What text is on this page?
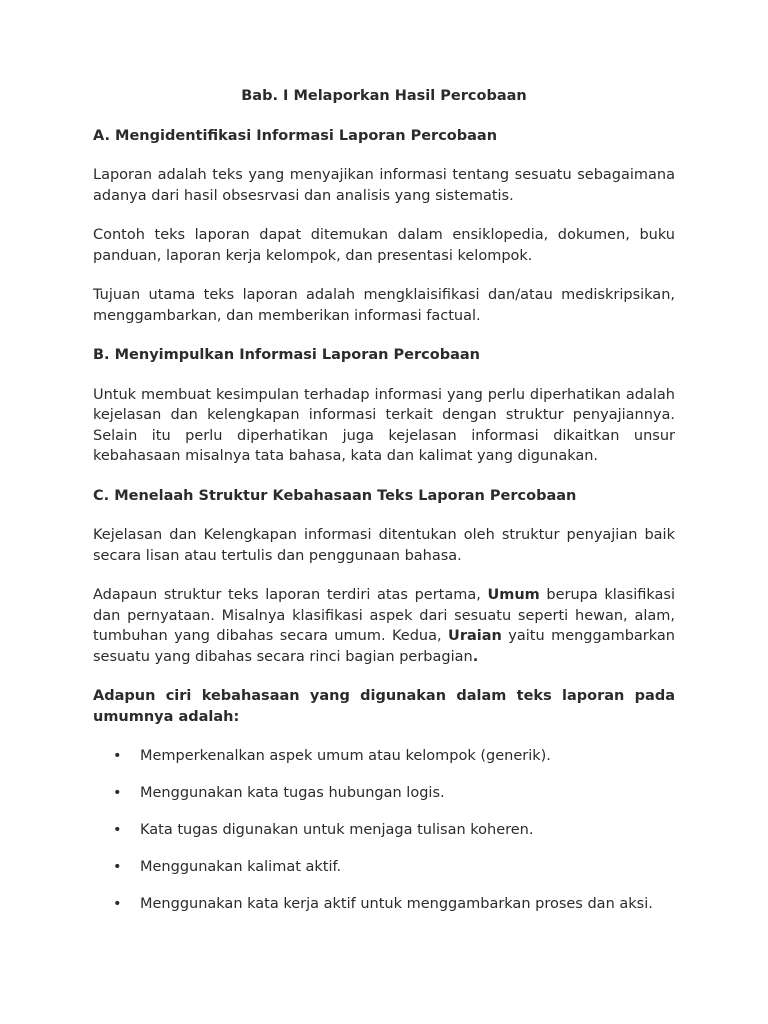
Bab. I Melaporkan Hasil Percobaan
A. Mengidentifikasi Informasi Laporan Percobaan

Laporan adalah teks yang menyajikan informasi tentang sesuatu sebagaimana adanya dari hasil obsesrvasi dan analisis yang sistematis.

Contoh teks laporan dapat ditemukan dalam ensiklopedia, dokumen, buku panduan, laporan kerja kelompok, dan presentasi kelompok.

Tujuan utama teks laporan adalah mengklaisifikasi dan/atau mediskripsikan, menggambarkan, dan memberikan informasi factual.

B. Menyimpulkan Informasi Laporan Percobaan

Untuk membuat kesimpulan terhadap informasi yang perlu diperhatikan adalah kejelasan dan kelengkapan informasi terkait dengan struktur penyajiannya. Selain itu perlu diperhatikan juga kejelasan informasi dikaitkan unsur kebahasaan misalnya tata bahasa, kata dan kalimat yang digunakan.

C. Menelaah Struktur Kebahasaan Teks Laporan Percobaan

Kejelasan dan Kelengkapan informasi ditentukan oleh struktur penyajian baik secara lisan atau tertulis dan penggunaan bahasa.

Adapaun struktur teks laporan terdiri atas pertama, Umum berupa klasifikasi dan pernyataan. Misalnya klasifikasi aspek dari sesuatu seperti hewan, alam, tumbuhan yang dibahas secara umum. Kedua, Uraian yaitu menggambarkan sesuatu yang dibahas secara rinci bagian perbagian.

Adapun ciri kebahasaan yang digunakan dalam teks laporan pada umumnya adalah:

• Memperkenalkan aspek umum atau kelompok (generik).
• Menggunakan kata tugas hubungan logis.
• Kata tugas digunakan untuk menjaga tulisan koheren.
• Menggunakan kalimat aktif.
• Menggunakan kata kerja aktif untuk menggambarkan proses dan aksi.
